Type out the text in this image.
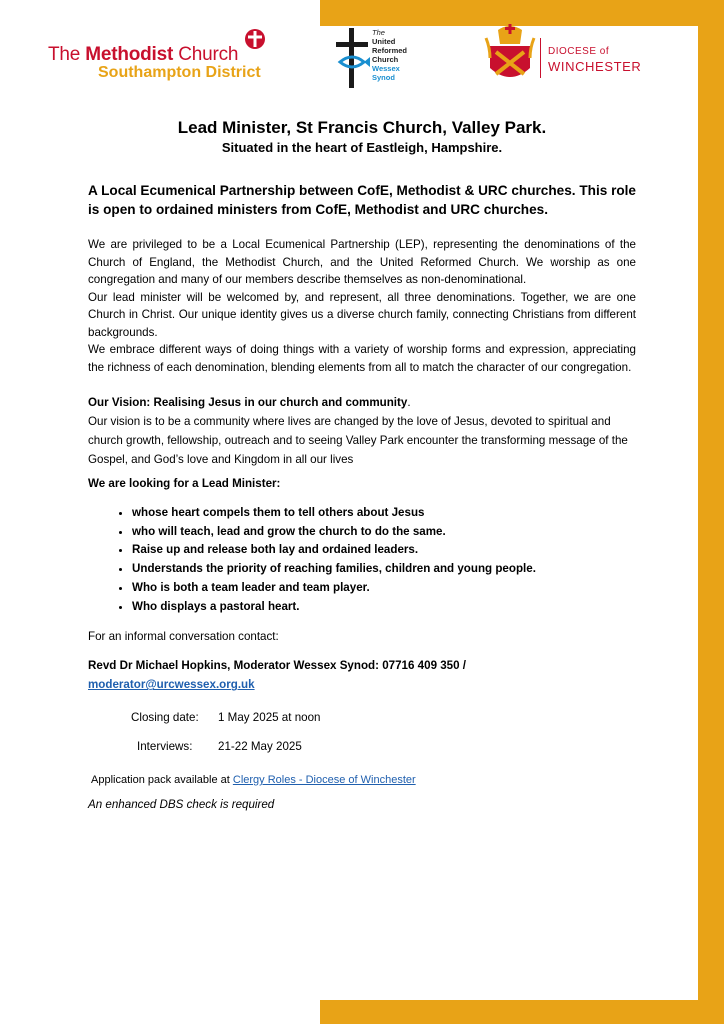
The Methodist Church
Southampton District
The
United
Reformed
Church
Wessex
Synod
DIOCESE of
WINCHESTER
Lead Minister, St Francis Church, Valley Park.

Situated in the heart of Eastleigh, Hampshire.

A Local Ecumenical Partnership between CofE, Methodist & URC churches. This role is open to ordained ministers from CofE, Methodist and URC churches.

We are privileged to be a Local Ecumenical Partnership (LEP), representing the denominations of the Church of England, the Methodist Church, and the United Reformed Church. We worship as one congregation and many of our members describe themselves as non-denominational.

Our lead minister will be welcomed by, and represent, all three denominations. Together, we are one Church in Christ. Our unique identity gives us a diverse church family, connecting Christians from different backgrounds.

We embrace different ways of doing things with a variety of worship forms and expression, appreciating the richness of each denomination, blending elements from all to match the character of our congregation.

Our Vision: Realising Jesus in our church and community.

Our vision is to be a community where lives are changed by the love of Jesus, devoted to spiritual and church growth, fellowship, outreach and to seeing Valley Park encounter the transforming message of the Gospel, and God’s love and Kingdom in all our lives

We are looking for a Lead Minister:

• whose heart compels them to tell others about Jesus
• who will teach, lead and grow the church to do the same.
• Raise up and release both lay and ordained leaders.
• Understands the priority of reaching families, children and young people.
• Who is both a team leader and team player.
• Who displays a pastoral heart.

For an informal conversation contact:

Revd Dr Michael Hopkins, Moderator Wessex Synod: 07716 409 350 /
moderator@urcwessex.org.uk

Closing date: 1 May 2025 at noon
Interviews: 21-22 May 2025

Application pack available at Clergy Roles - Diocese of Winchester

An enhanced DBS check is required
